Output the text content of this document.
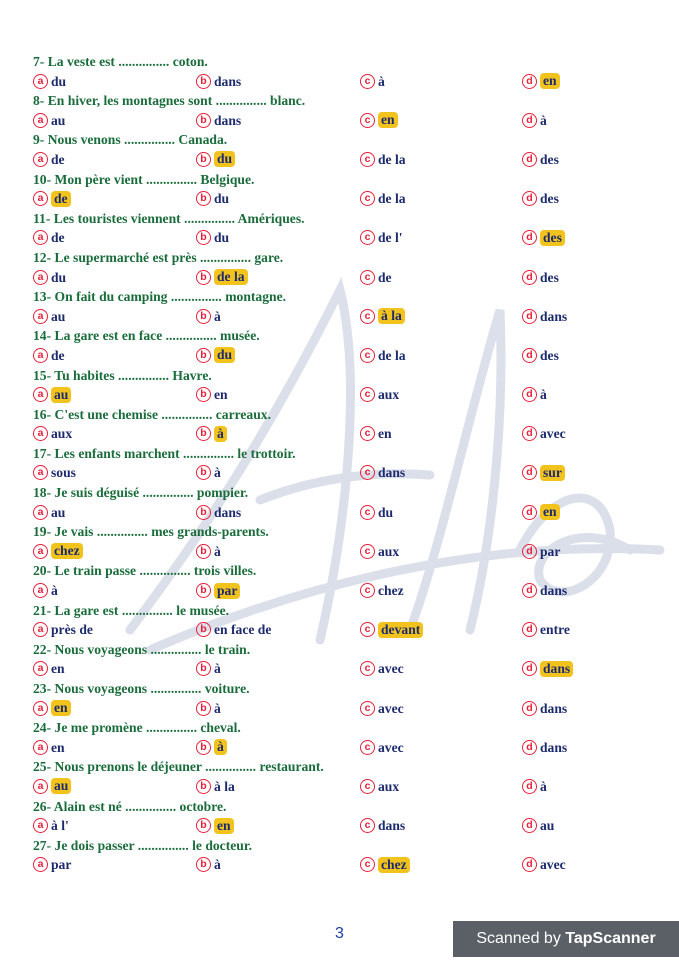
7- La veste est ............... coton.
a du	b dans	c à	d en
8- En hiver, les montagnes sont ............... blanc.
a au	b dans	c en	d à
9- Nous venons ............... Canada.
a de	b du	c de la	d des
10- Mon père vient ............... Belgique.
a de	b du	c de la	d des
11- Les touristes viennent ............... Amériques.
a de	b du	c de l'	d des
12- Le supermarché est près ............... gare.
a du	b de la	c de	d des
13- On fait du camping ............... montagne.
a au	b à	c à la	d dans
14- La gare est en face ............... musée.
a de	b du	c de la	d des
15- Tu habites ............... Havre.
a au	b en	c aux	d à
16- C'est une chemise ............... carreaux.
a aux	b à	c en	d avec
17- Les enfants marchent ............... le trottoir.
a sous	b à	c dans	d sur
18- Je suis déguisé ............... pompier.
a au	b dans	c du	d en
19- Je vais ............... mes grands-parents.
a chez	b à	c aux	d par
20- Le train passe ............... trois villes.
a à	b par	c chez	d dans
21- La gare est ............... le musée.
a près de	b en face de	c devant	d entre
22- Nous voyageons ............... le train.
a en	b à	c avec	d dans
23- Nous voyageons ............... voiture.
a en	b à	c avec	d dans
24- Je me promène ............... cheval.
a en	b à	c avec	d dans
25- Nous prenons le déjeuner ............... restaurant.
a au	b à la	c aux	d à
26- Alain est né ............... octobre.
a à l'	b en	c dans	d au
27- Je dois passer ............... le docteur.
a par	b à	c chez	d avec
3	Scanned by TapScanner
